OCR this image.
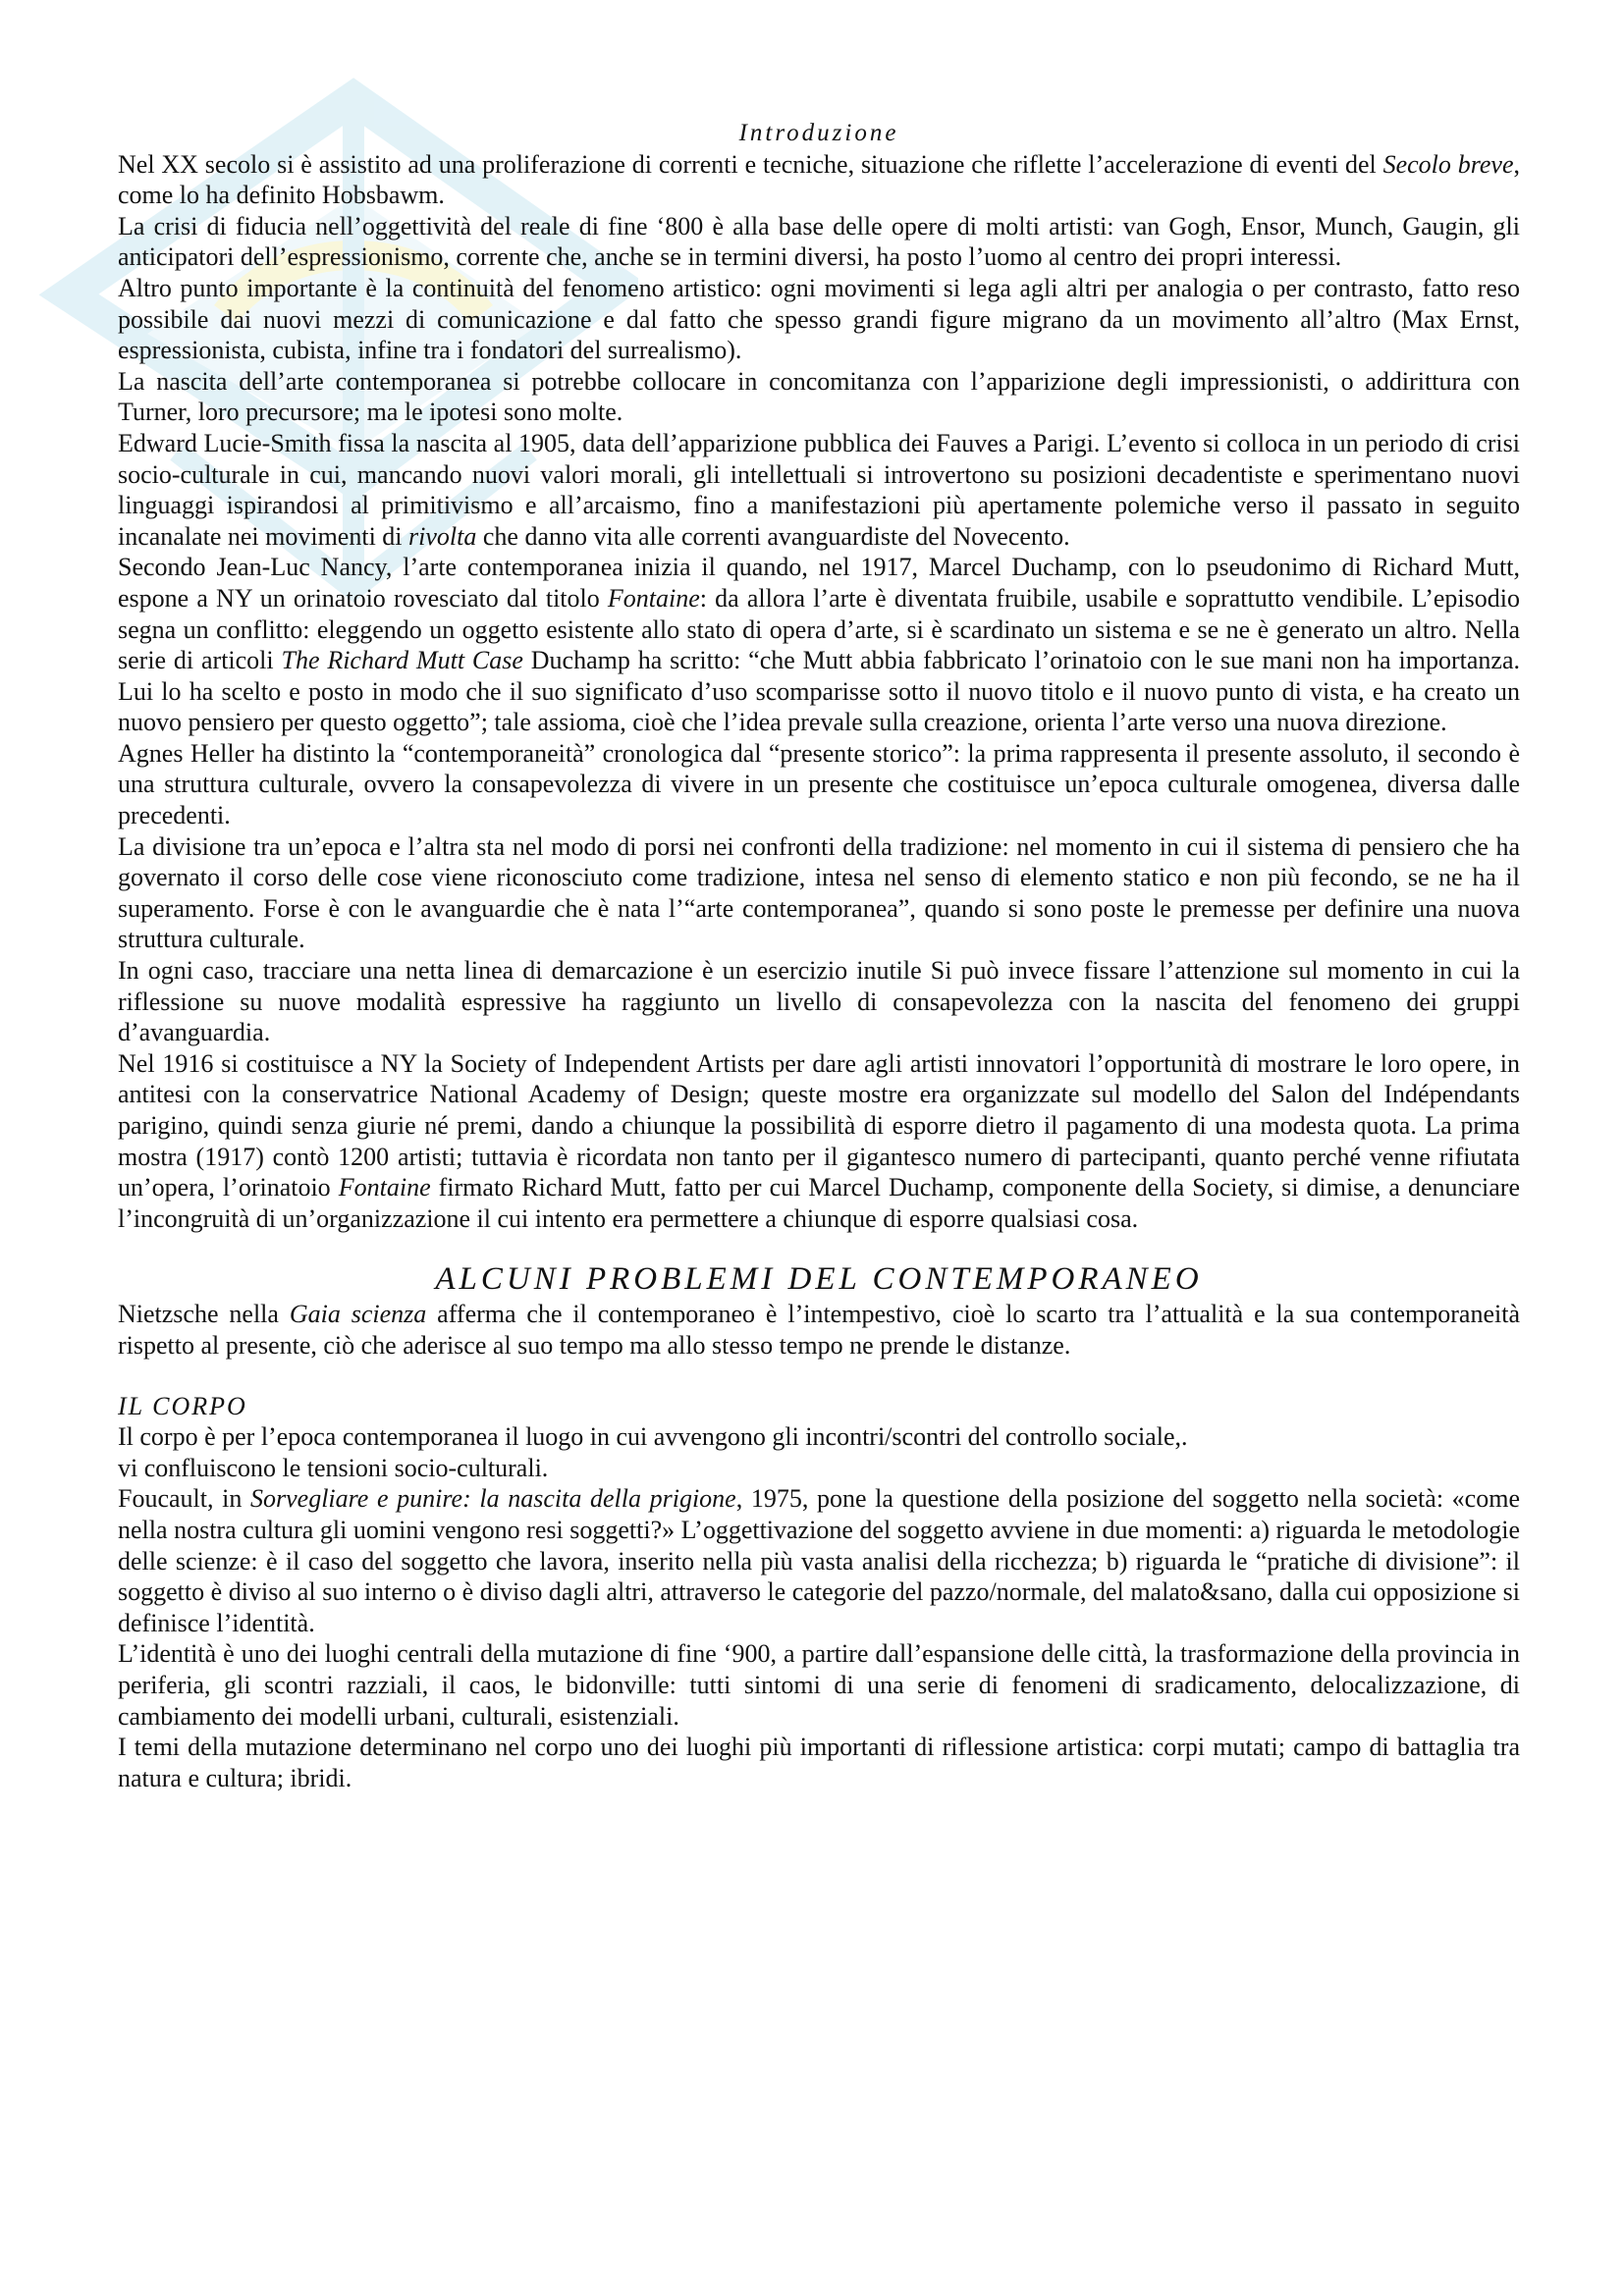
Introduzione

Nel XX secolo si è assistito ad una proliferazione di correnti e tecniche, situazione che riflette l’accelerazione di eventi del Secolo breve, come lo ha definito Hobsbawm.

La crisi di fiducia nell’oggettività del reale di fine ‘800 è alla base delle opere di molti artisti: van Gogh, Ensor, Munch, Gaugin, gli anticipatori dell’espressionismo, corrente che, anche se in termini diversi, ha posto l’uomo al centro dei propri interessi.

Altro punto importante è la continuità del fenomeno artistico: ogni movimenti si lega agli altri per analogia o per contrasto, fatto reso possibile dai nuovi mezzi di comunicazione e dal fatto che spesso grandi figure migrano da un movimento all’altro (Max Ernst, espressionista, cubista, infine tra i fondatori del surrealismo).

La nascita dell’arte contemporanea si potrebbe collocare in concomitanza con l’apparizione degli impressionisti, o addirittura con Turner, loro precursore; ma le ipotesi sono molte.

Edward Lucie-Smith fissa la nascita al 1905, data dell’apparizione pubblica dei Fauves a Parigi. L’evento si colloca in un periodo di crisi socio-culturale in cui, mancando nuovi valori morali, gli intellettuali si introvertono su posizioni decadentiste e sperimentano nuovi linguaggi ispirandosi al primitivismo e all’arcaismo, fino a manifestazioni più apertamente polemiche verso il passato in seguito incanalate nei movimenti di rivolta che danno vita alle correnti avanguardiste del Novecento.

Secondo Jean-Luc Nancy, l’arte contemporanea inizia il quando, nel 1917, Marcel Duchamp, con lo pseudonimo di Richard Mutt, espone a NY un orinatoio rovesciato dal titolo Fontaine: da allora l’arte è diventata fruibile, usabile e soprattutto vendibile. L’episodio segna un conflitto: eleggendo un oggetto esistente allo stato di opera d’arte, si è scardinato un sistema e se ne è generato un altro. Nella serie di articoli The Richard Mutt Case Duchamp ha scritto: “che Mutt abbia fabbricato l’orinatoio con le sue mani non ha importanza. Lui lo ha scelto e posto in modo che il suo significato d’uso scomparisse sotto il nuovo titolo e il nuovo punto di vista, e ha creato un nuovo pensiero per questo oggetto”; tale assioma, cioè che l’idea prevale sulla creazione, orienta l’arte verso una nuova direzione.

Agnes Heller ha distinto la “contemporaneità” cronologica dal “presente storico”: la prima rappresenta il presente assoluto, il secondo è una struttura culturale, ovvero la consapevolezza di vivere in un presente che costituisce un’epoca culturale omogenea, diversa dalle precedenti.

La divisione tra un’epoca e l’altra sta nel modo di porsi nei confronti della tradizione: nel momento in cui il sistema di pensiero che ha governato il corso delle cose viene riconosciuto come tradizione, intesa nel senso di elemento statico e non più fecondo, se ne ha il superamento. Forse è con le avanguardie che è nata l’“arte contemporanea”, quando si sono poste le premesse per definire una nuova struttura culturale.

In ogni caso, tracciare una netta linea di demarcazione è un esercizio inutile Si può invece fissare l’attenzione sul momento in cui la riflessione su nuove modalità espressive ha raggiunto un livello di consapevolezza con la nascita del fenomeno dei gruppi d’avanguardia.

Nel 1916 si costituisce a NY la Society of Independent Artists per dare agli artisti innovatori l’opportunità di mostrare le loro opere, in antitesi con la conservatrice National Academy of Design; queste mostre era organizzate sul modello del Salon del Indépendants parigino, quindi senza giurie né premi, dando a chiunque la possibilità di esporre dietro il pagamento di una modesta quota. La prima mostra (1917) contò 1200 artisti; tuttavia è ricordata non tanto per il gigantesco numero di partecipanti, quanto perché venne rifiutata un’opera, l’orinatoio Fontaine firmato Richard Mutt, fatto per cui Marcel Duchamp, componente della Society, si dimise, a denunciare l’incongruità di un’organizzazione il cui intento era permettere a chiunque di esporre qualsiasi cosa.

ALCUNI PROBLEMI DEL CONTEMPORANEO

Nietzsche nella Gaia scienza afferma che il contemporaneo è l’intempestivo, cioè lo scarto tra l’attualità e la sua contemporaneità rispetto al presente, ciò che aderisce al suo tempo ma allo stesso tempo ne prende le distanze.

IL CORPO

Il corpo è per l’epoca contemporanea il luogo in cui avvengono gli incontri/scontri del controllo sociale,.

vi confluiscono le tensioni socio-culturali.

Foucault, in Sorvegliare e punire: la nascita della prigione, 1975, pone la questione della posizione del soggetto nella società: «come nella nostra cultura gli uomini vengono resi soggetti?» L’oggettivazione del soggetto avviene in due momenti: a) riguarda le metodologie delle scienze: è il caso del soggetto che lavora, inserito nella più vasta analisi della ricchezza; b) riguarda le “pratiche di divisione”: il soggetto è diviso al suo interno o è diviso dagli altri, attraverso le categorie del pazzo/normale, del malato&sano, dalla cui opposizione si definisce l’identità.

L’identità è uno dei luoghi centrali della mutazione di fine ‘900, a partire dall’espansione delle città, la trasformazione della provincia in periferia, gli scontri razziali, il caos, le bidonville: tutti sintomi di una serie di fenomeni di sradicamento, delocalizzazione, di cambiamento dei modelli urbani, culturali, esistenziali.

I temi della mutazione determinano nel corpo uno dei luoghi più importanti di riflessione artistica: corpi mutati; campo di battaglia tra natura e cultura; ibridi.
